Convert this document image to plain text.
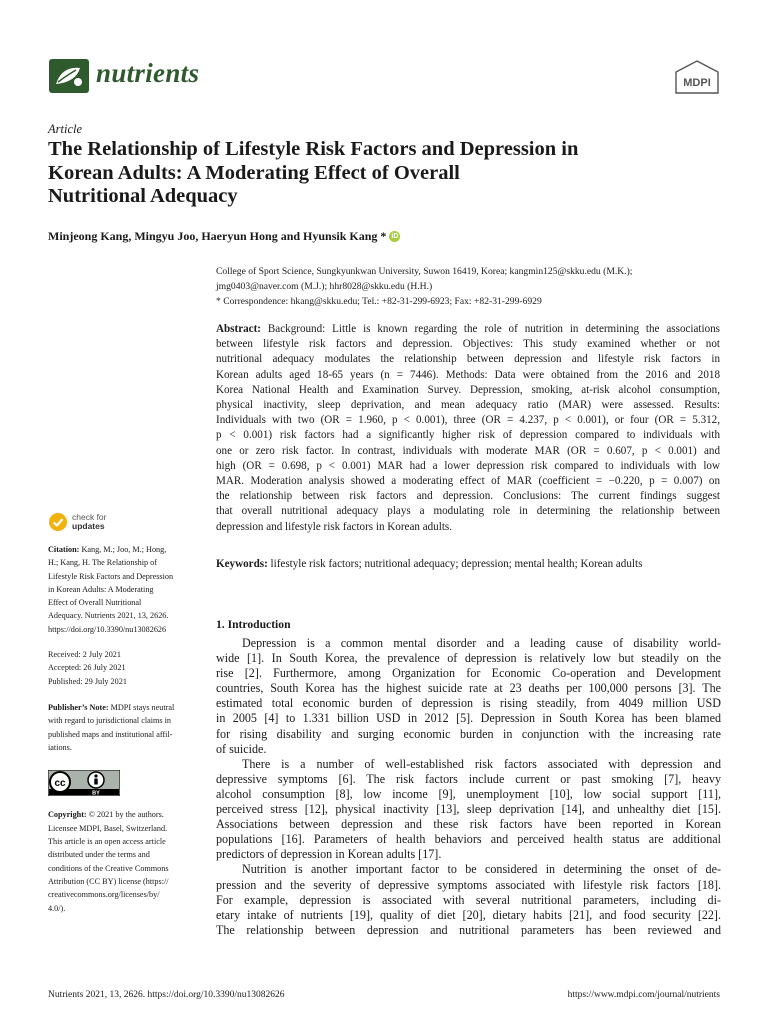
nutrients	MDPI
Article
The Relationship of Lifestyle Risk Factors and Depression in
Korean Adults: A Moderating Effect of Overall
Nutritional Adequacy
Minjeong Kang, Mingyu Joo, Haeryun Hong and Hyunsik Kang * iD

College of Sport Science, Sungkyunkwan University, Suwon 16419, Korea; kangmin125@skku.edu (M.K.);

jmg0403@naver.com (M.J.); hhr8028@skku.edu (H.H.)

* Correspondence: hkang@skku.edu; Tel.: +82-31-299-6923; Fax: +82-31-299-6929

Abstract: Background: Little is known regarding the role of nutrition in determining the associations
between lifestyle risk factors and depression. Objectives: This study examined whether or not
nutritional adequacy modulates the relationship between depression and lifestyle risk factors in
Korean adults aged 18-65 years (n = 7446). Methods: Data were obtained from the 2016 and 2018
Korea National Health and Examination Survey. Depression, smoking, at-risk alcohol consumption,
physical inactivity, sleep deprivation, and mean adequacy ratio (MAR) were assessed. Results:
Individuals with two (OR = 1.960, p < 0.001), three (OR = 4.237, p < 0.001), or four (OR = 5.312,
p < 0.001) risk factors had a significantly higher risk of depression compared to individuals with
one or zero risk factor. In contrast, individuals with moderate MAR (OR = 0.607, p < 0.001) and
high (OR = 0.698, p < 0.001) MAR had a lower depression risk compared to individuals with low
MAR. Moderation analysis showed a moderating effect of MAR (coefficient = −0.220, p = 0.007) on
the relationship between risk factors and depression. Conclusions: The current findings suggest
that overall nutritional adequacy plays a modulating role in determining the relationship between
depression and lifestyle risk factors in Korean adults.
Keywords: lifestyle risk factors; nutritional adequacy; depression; mental health; Korean adults
check for
updates
Citation: Kang, M.; Joo, M.; Hong,
H.; Kang, H. The Relationship of
Lifestyle Risk Factors and Depression
in Korean Adults: A Moderating
Effect of Overall Nutritional
Adequacy. Nutrients 2021, 13, 2626.
https://doi.org/10.3390/nu13082626
Received: 2 July 2021
Accepted: 26 July 2021
Published: 29 July 2021
Publisher’s Note: MDPI stays neutral
with regard to jurisdictional claims in
published maps and institutional affil-
iations.
cc
BY
Copyright: © 2021 by the authors.
Licensee MDPI, Basel, Switzerland.
This article is an open access article
distributed under the terms and
conditions of the Creative Commons
Attribution (CC BY) license (https://
creativecommons.org/licenses/by/
4.0/).
1. Introduction
Depression is a common mental disorder and a leading cause of disability world-
wide [1]. In South Korea, the prevalence of depression is relatively low but steadily on the
rise [2]. Furthermore, among Organization for Economic Co-operation and Development
countries, South Korea has the highest suicide rate at 23 deaths per 100,000 persons [3]. The
estimated total economic burden of depression is rising steadily, from 4049 million USD
in 2005 [4] to 1.331 billion USD in 2012 [5]. Depression in South Korea has been blamed
for rising disability and surging economic burden in conjunction with the increasing rate
of suicide.
There is a number of well-established risk factors associated with depression and
depressive symptoms [6]. The risk factors include current or past smoking [7], heavy
alcohol consumption [8], low income [9], unemployment [10], low social support [11],
perceived stress [12], physical inactivity [13], sleep deprivation [14], and unhealthy diet [15].
Associations between depression and these risk factors have been reported in Korean
populations [16]. Parameters of health behaviors and perceived health status are additional
predictors of depression in Korean adults [17].
Nutrition is another important factor to be considered in determining the onset of de-
pression and the severity of depressive symptoms associated with lifestyle risk factors [18].
For example, depression is associated with several nutritional parameters, including di-
etary intake of nutrients [19], quality of diet [20], dietary habits [21], and food security [22].
The relationship between depression and nutritional parameters has been reviewed and
Nutrients 2021, 13, 2626. https://doi.org/10.3390/nu13082626	https://www.mdpi.com/journal/nutrients
